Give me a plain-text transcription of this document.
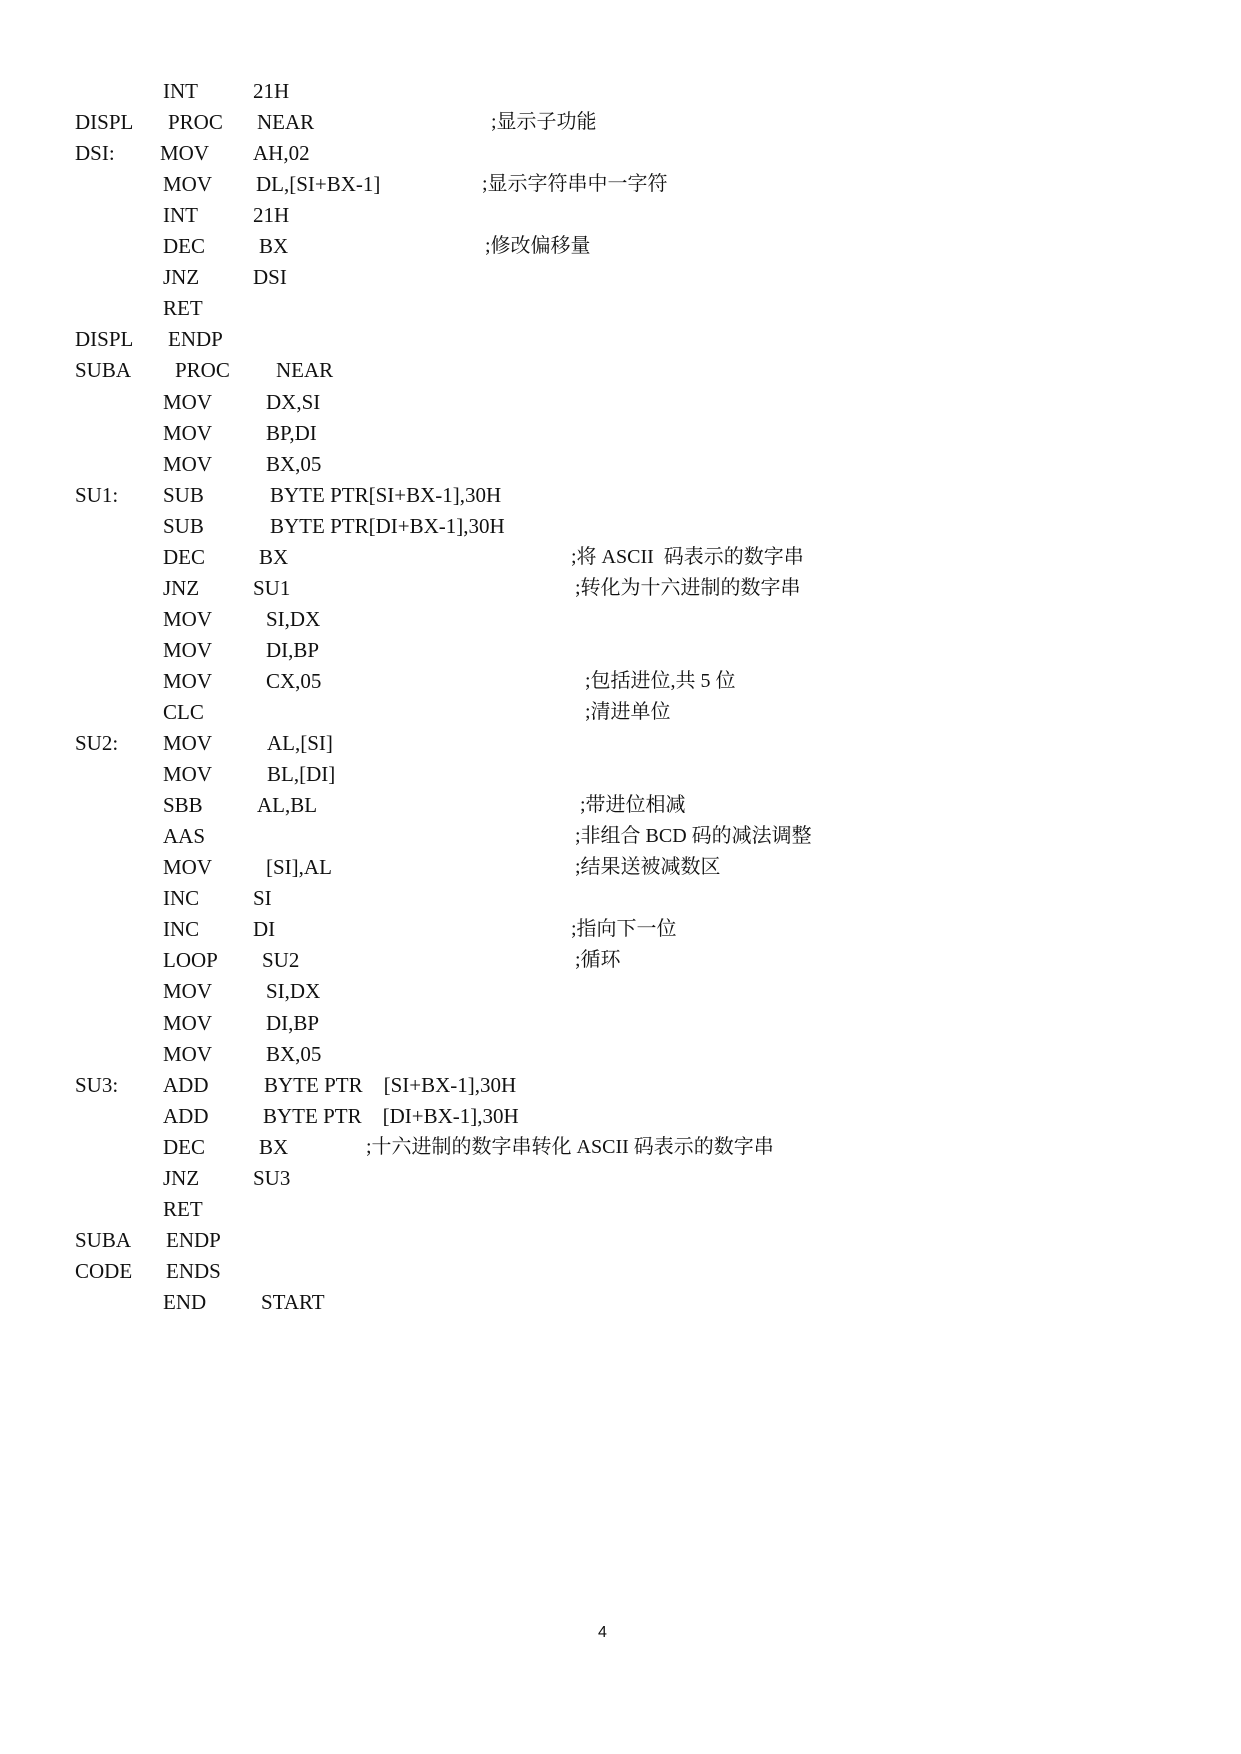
INT	21H
DISPL PROC NEAR	;显示子功能
DSI: MOV AH,02
MOV DL,[SI+BX-1]	;显示字符串中一字符
INT	21H
DEC	BX	;修改偏移量
JNZ	DSI
RET
DISPL ENDP
SUBA PROC NEAR
MOV	DX,SI
MOV	BP,DI
MOV	BX,05
SU1: SUB	BYTE PTR[SI+BX-1],30H
SUB	BYTE PTR[DI+BX-1],30H
DEC	BX	;将 ASCII  码表示的数字串
JNZ	SU1	;转化为十六进制的数字串
MOV	SI,DX
MOV	DI,BP
MOV	CX,05	;包括进位,共 5 位
CLC	;清进单位
SU2: MOV	AL,[SI]
MOV	BL,[DI]
SBB	AL,BL	;带进位相减
AAS	;非组合 BCD 码的减法调整
MOV	[SI],AL	;结果送被减数区
INC	SI
INC	DI	;指向下一位
LOOP SU2	;循环
MOV	SI,DX
MOV	DI,BP
MOV	BX,05
SU3: ADD	BYTE PTR    [SI+BX-1],30H
ADD	BYTE PTR    [DI+BX-1],30H
DEC	BX	;十六进制的数字串转化 ASCII 码表示的数字串
JNZ	SU3
RET
SUBA ENDP
CODE ENDS
END	START
4
